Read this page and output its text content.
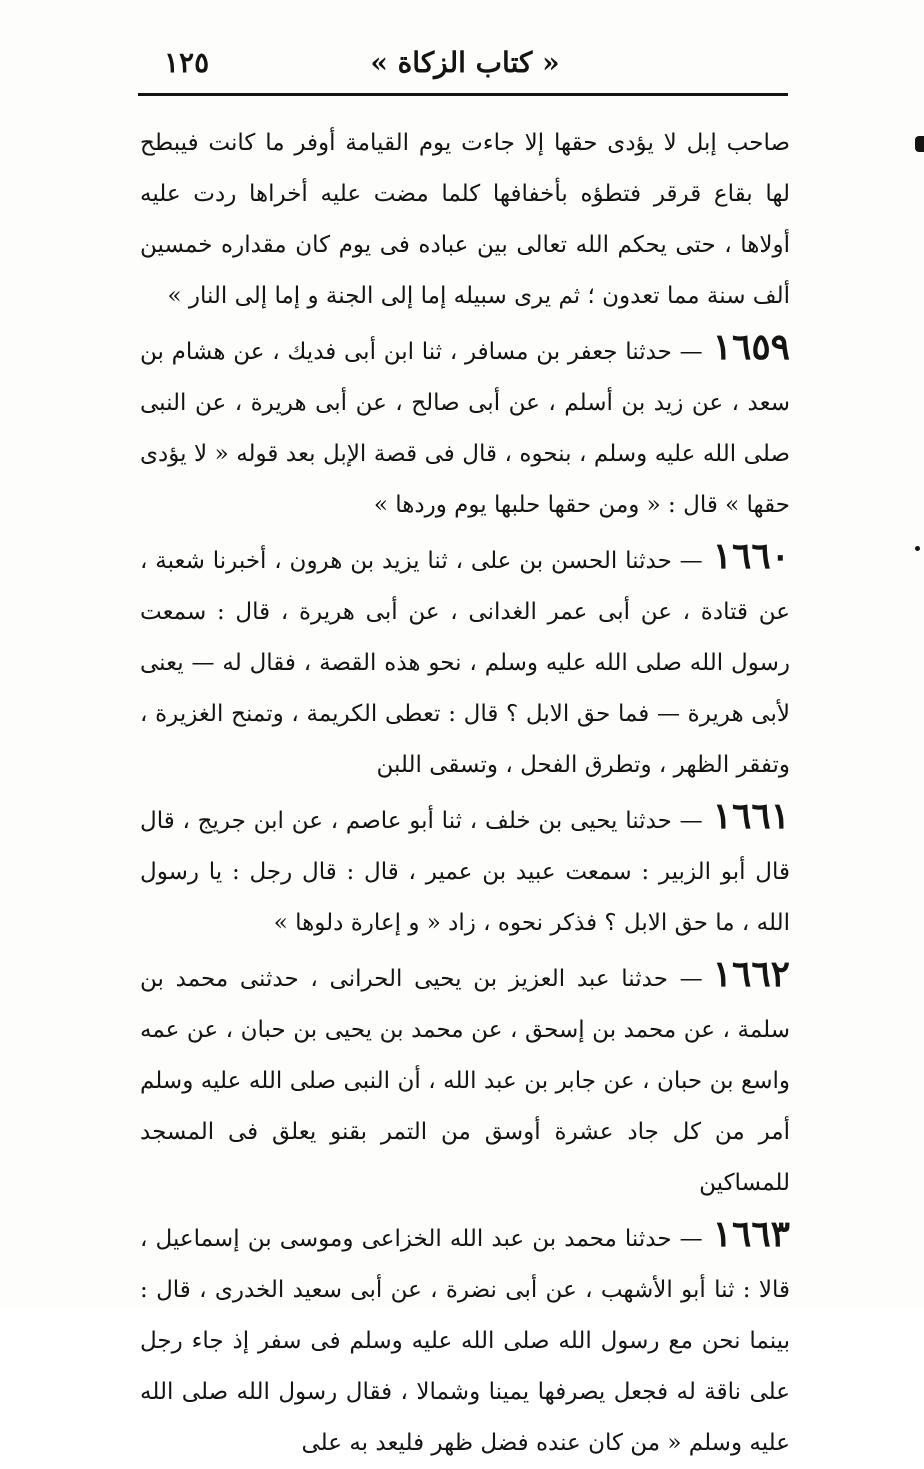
١٢٥	« كتاب الزكاة »

صاحب إبل لا يؤدى حقها إلا جاءت يوم القيامة أوفر ما كانت فيبطح لها بقاع قرقر فتطؤه بأخفافها كلما مضت عليه أخراها ردت عليه أولاها ، حتى يحكم الله تعالى بين عباده فى يوم كان مقداره خمسين ألف سنة مما تعدون ؛ ثم يرى سبيله إما إلى الجنة و إما إلى النار »

١٦٥٩— حدثنا جعفر بن مسافر ، ثنا ابن أبى فديك ، عن هشام بن سعد ، عن زيد بن أسلم ، عن أبى صالح ، عن أبى هريرة ، عن النبى صلى الله عليه وسلم ، بنحوه ، قال فى قصة الإبل بعد قوله « لا يؤدى حقها » قال : « ومن حقها حلبها يوم وردها »

١٦٦٠— حدثنا الحسن بن على ، ثنا يزيد بن هرون ، أخبرنا شعبة ، عن قتادة ، عن أبى عمر الغدانى ، عن أبى هريرة ، قال : سمعت رسول الله صلى الله عليه وسلم ، نحو هذه القصة ، فقال له — يعنى لأبى هريرة — فما حق الابل ؟ قال : تعطى الكريمة ، وتمنح الغزيرة ، وتفقر الظهر ، وتطرق الفحل ، وتسقى اللبن

١٦٦١— حدثنا يحيى بن خلف ، ثنا أبو عاصم ، عن ابن جريج ، قال قال أبو الزبير : سمعت عبيد بن عمير ، قال : قال رجل : يا رسول الله ، ما حق الابل ؟ فذكر نحوه ، زاد « و إعارة دلوها »

١٦٦٢— حدثنا عبد العزيز بن يحيى الحرانى ، حدثنى محمد بن سلمة ، عن محمد بن إسحق ، عن محمد بن يحيى بن حبان ، عن عمه واسع بن حبان ، عن جابر بن عبد الله ، أن النبى صلى الله عليه وسلم أمر من كل جاد عشرة أوسق من التمر بقنو يعلق فى المسجد للمساكين

١٦٦٣— حدثنا محمد بن عبد الله الخزاعى وموسى بن إسماعيل ، قالا : ثنا أبو الأشهب ، عن أبى نضرة ، عن أبى سعيد الخدرى ، قال : بينما نحن مع رسول الله صلى الله عليه وسلم فى سفر إذ جاء رجل على ناقة له فجعل يصرفها يمينا وشمالا ، فقال رسول الله صلى الله عليه وسلم « من كان عنده فضل ظهر فليعد به على
